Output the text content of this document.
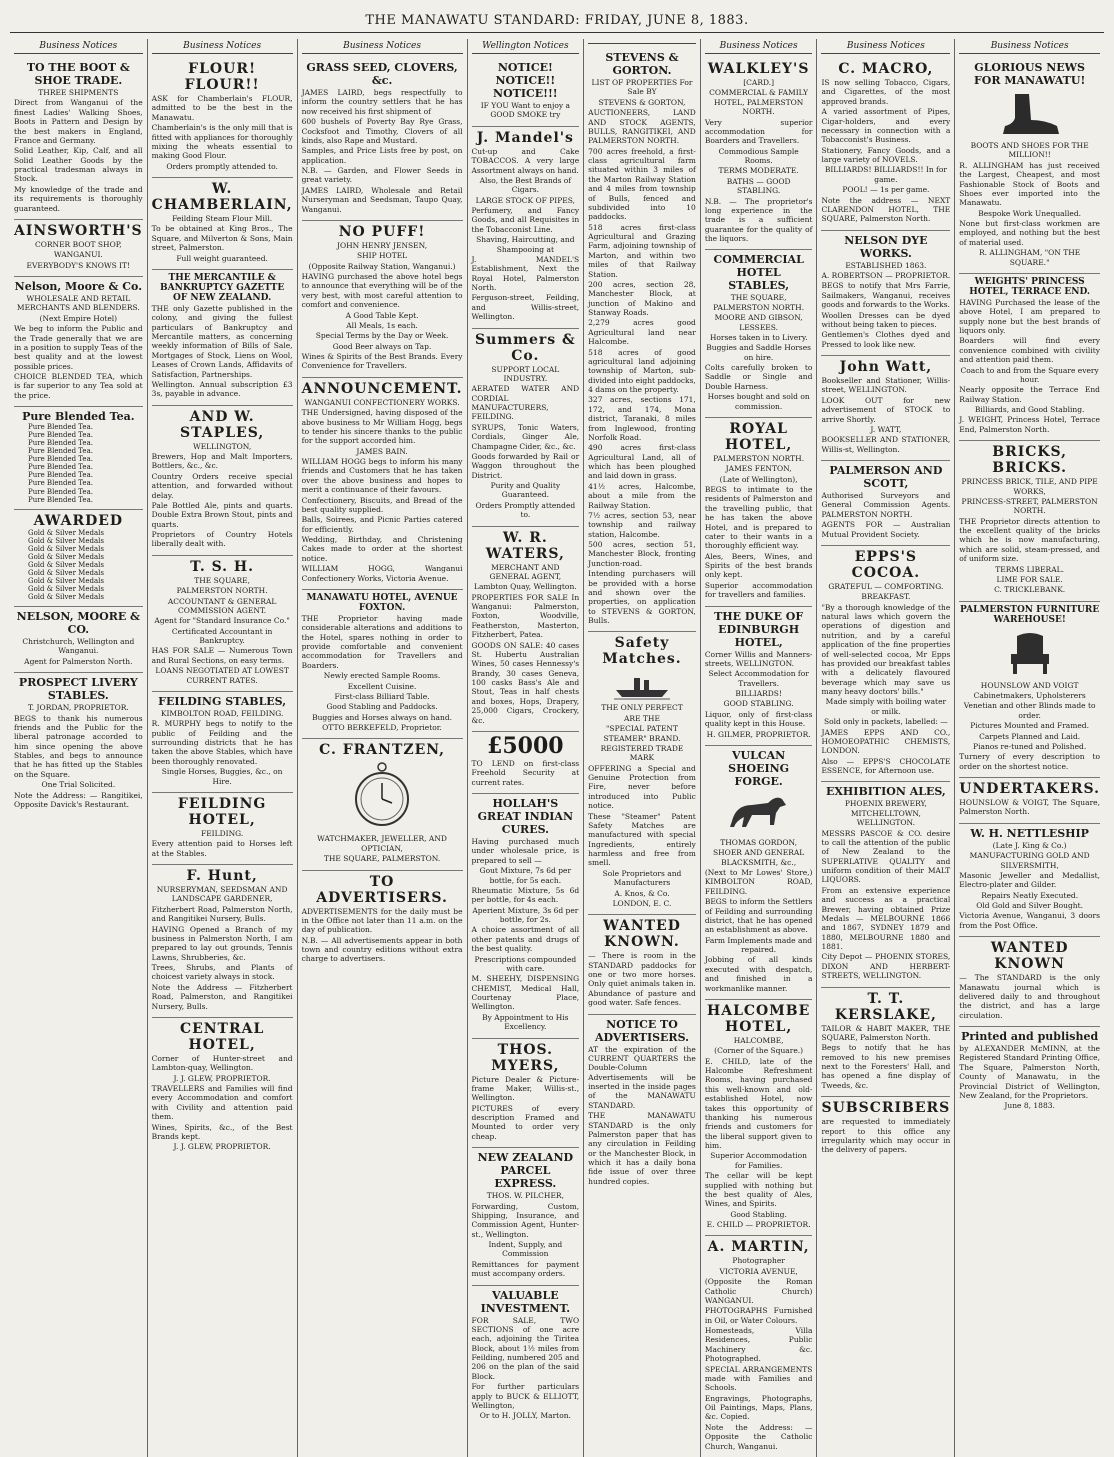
THE MANAWATU STANDARD: FRIDAY, JUNE 8, 1883.
Business Notices
TO THE BOOT & SHOE TRADE.

THREE SHIPMENTS

Direct from Wanganui of the finest Ladies' Walking Shoes, Boots in Pattern and Design by the best makers in England, France and Germany.

Solid Leather, Kip, Calf, and all Solid Leather Goods by the practical tradesman always in Stock.

My knowledge of the trade and its requirements is thoroughly guaranteed.

AINSWORTH'S

CORNER BOOT SHOP,

WANGANUI.

EVERYBODY'S KNOWS IT!

Nelson, Moore & Co.

WHOLESALE AND RETAIL MERCHANTS AND BLENDERS.

(Next Empire Hotel)

We beg to inform the Public and the Trade generally that we are in a position to supply Teas of the best quality and at the lowest possible prices.

CHOICE BLENDED TEA, which is far superior to any Tea sold at the price.

Pure Blended Tea.
Pure Blended Tea.
Pure Blended Tea.
Pure Blended Tea.
Pure Blended Tea.
Pure Blended Tea.
Pure Blended Tea.
Pure Blended Tea.
Pure Blended Tea.
Pure Blended Tea.
Pure Blended Tea.
AWARDED
Gold & Silver Medals
Gold & Silver Medals
Gold & Silver Medals
Gold & Silver Medals
Gold & Silver Medals
Gold & Silver Medals
Gold & Silver Medals
Gold & Silver Medals
Gold & Silver Medals
NELSON, MOORE & CO.

Christchurch, Wellington and Wanganui.

Agent for Palmerston North.

PROSPECT LIVERY STABLES.

T. JORDAN, PROPRIETOR.

BEGS to thank his numerous friends and the Public for the liberal patronage accorded to him since opening the above Stables, and begs to announce that he has fitted up the Stables on the Square.

One Trial Solicited.

Note the Address: — Rangitikei, Opposite Davick's Restaurant.

Business Notices
FLOUR! FLOUR!!

ASK for Chamberlain's FLOUR, admitted to be the best in the Manawatu.

Chamberlain's is the only mill that is fitted with appliances for thoroughly mixing the wheats essential to making Good Flour.

Orders promptly attended to.

W. CHAMBERLAIN,

Feilding Steam Flour Mill.

To be obtained at King Bros., The Square, and Milverton & Sons, Main street, Palmerston.

Full weight guaranteed.

THE MERCANTILE & BANKRUPTCY GAZETTE OF NEW ZEALAND.

THE only Gazette published in the colony, and giving the fullest particulars of Bankruptcy and Mercantile matters, as concerning weekly information of Bills of Sale, Mortgages of Stock, Liens on Wool, Leases of Crown Lands, Affidavits of Satisfaction, Partnerships.

Wellington. Annual subscription £3 3s, payable in advance.

AND W. STAPLES,

WELLINGTON,

Brewers, Hop and Malt Importers, Bottlers, &c., &c.

Country Orders receive special attention, and forwarded without delay.

Pale Bottled Ale, pints and quarts. Double Extra Brown Stout, pints and quarts.

Proprietors of Country Hotels liberally dealt with.

T. S. H.

THE SQUARE,

PALMERSTON NORTH.

ACCOUNTANT & GENERAL COMMISSION AGENT.

Agent for "Standard Insurance Co."

Certificated Accountant in Bankruptcy.

HAS FOR SALE — Numerous Town and Rural Sections, on easy terms.

LOANS NEGOTIATED AT LOWEST CURRENT RATES.

FEILDING STABLES,

KIMBOLTON ROAD, FEILDING.

R. MURPHY begs to notify to the public of Feilding and the surrounding districts that he has taken the above Stables, which have been thoroughly renovated.

Single Horses, Buggies, &c., on Hire.

FEILDING HOTEL,

FEILDING.

Every attention paid to Horses left at the Stables.

F. Hunt,

NURSERYMAN, SEEDSMAN AND LANDSCAPE GARDENER,

Fitzherbert Road, Palmerston North, and Rangitikei Nursery, Bulls.

HAVING Opened a Branch of my business in Palmerston North, I am prepared to lay out grounds, Tennis Lawns, Shrubberies, &c.

Trees, Shrubs, and Plants of choicest variety always in stock.

Note the Address — Fitzherbert Road, Palmerston, and Rangitikei Nursery, Bulls.

CENTRAL HOTEL,

Corner of Hunter-street and Lambton-quay, Wellington.

J. J. GLEW, PROPRIETOR.

TRAVELLERS and Families will find every Accommodation and comfort with Civility and attention paid them.

Wines, Spirits, &c., of the Best Brands kept.

J. J. GLEW, PROPRIETOR.

Business Notices
GRASS SEED, CLOVERS, &c.

JAMES LAIRD, begs respectfully to inform the country settlers that he has now received his first shipment of

600 bushels of Poverty Bay Rye Grass, Cocksfoot and Timothy, Clovers of all kinds, also Rape and Mustard.

Samples, and Price Lists free by post, on application.

N.B. — Garden, and Flower Seeds in great variety.

JAMES LAIRD, Wholesale and Retail Nurseryman and Seedsman, Taupo Quay, Wanganui.

NO PUFF!

JOHN HENRY JENSEN,

SHIP HOTEL

(Opposite Railway Station, Wanganui.)

HAVING purchased the above hotel begs to announce that everything will be of the very best, with most careful attention to comfort and convenience.

A Good Table Kept.

All Meals, 1s each.

Special Terms by the Day or Week.

Good Beer always on Tap.

Wines & Spirits of the Best Brands. Every Convenience for Travellers.

ANNOUNCEMENT.

WANGANUI CONFECTIONERY WORKS.

THE Undersigned, having disposed of the above business to Mr William Hogg, begs to tender his sincere thanks to the public for the support accorded him.

JAMES BAIN.

WILLIAM HOGG begs to inform his many friends and Customers that he has taken over the above business and hopes to merit a continuance of their favours.

Confectionery, Biscuits, and Bread of the best quality supplied.

Balls, Soirees, and Picnic Parties catered for efficiently.

Wedding, Birthday, and Christening Cakes made to order at the shortest notice.

WILLIAM HOGG, Wanganui Confectionery Works, Victoria Avenue.

MANAWATU HOTEL, AVENUE FOXTON.

THE Proprietor having made considerable alterations and additions to the Hotel, spares nothing in order to provide comfortable and convenient accommodation for Travellers and Boarders.

Newly erected Sample Rooms.

Excellent Cuisine.

First-class Billiard Table.

Good Stabling and Paddocks.

Buggies and Horses always on hand.

OTTO BERKEFELD, Proprietor.

C. FRANTZEN,

WATCHMAKER, JEWELLER, AND OPTICIAN,

THE SQUARE, PALMERSTON.

TO ADVERTISERS.

ADVERTISEMENTS for the daily must be in the Office not later than 11 a.m. on the day of publication.

N.B. — All advertisements appear in both town and country editions without extra charge to advertisers.

Wellington Notices
NOTICE! NOTICE!! NOTICE!!!

IF YOU Want to enjoy a GOOD SMOKE try

J. Mandel's

Cut-up and Cake TOBACCOS. A very large Assortment always on hand.

Also, the Best Brands of Cigars.

LARGE STOCK OF PIPES,

Perfumery, and Fancy Goods, and all Requisites in the Tobacconist Line.

Shaving, Haircutting, and Shampooing at

J. MANDEL'S Establishment, Next the Royal Hotel, Palmerston North.

Ferguson-street, Feilding, and Willis-street, Wellington.

Summers & Co.

SUPPORT LOCAL INDUSTRY.

AERATED WATER AND CORDIAL MANUFACTURERS, FEILDING.

SYRUPS, Tonic Waters, Cordials, Ginger Ale, Champagne Cider, &c., &c.

Goods forwarded by Rail or Waggon throughout the District.

Purity and Quality Guaranteed.

Orders Promptly attended to.

W. R. WATERS,

MERCHANT AND GENERAL AGENT,

Lambton Quay, Wellington.

PROPERTIES FOR SALE In Wanganui: Palmerston, Foxton, Woodville, Featherston, Masterton, Fitzherbert, Patea.

GOODS ON SALE: 40 cases St. Hubertu Australian Wines, 50 cases Hennessy's Brandy, 30 cases Geneva, 100 casks Bass's Ale and Stout, Teas in half chests and boxes, Hops, Drapery, 25,000 Cigars, Crockery, &c.

£5000

TO LEND on first-class Freehold Security at current rates.

HOLLAH'S GREAT INDIAN CURES.

Having purchased much under wholesale price, is prepared to sell —

Gout Mixture, 7s 6d per bottle, for 5s each.

Rheumatic Mixture, 5s 6d per bottle, for 4s each.

Aperient Mixture, 3s 6d per bottle, for 2s.

A choice assortment of all other patents and drugs of the best quality.

Prescriptions compounded with care.

M. SHEEHY, DISPENSING CHEMIST, Medical Hall, Courtenay Place, Wellington.

By Appointment to His Excellency.

THOS. MYERS,

Picture Dealer & Picture-frame Maker, Willis-st., Wellington.

PICTURES of every description Framed and Mounted to order very cheap.

NEW ZEALAND PARCEL EXPRESS.

THOS. W. PILCHER,

Forwarding, Custom, Shipping, Insurance, and Commission Agent, Hunter-st., Wellington.

Indent, Supply, and Commission

Remittances for payment must accompany orders.

VALUABLE INVESTMENT.

FOR SALE, TWO SECTIONS of one acre each, adjoining the Tiritea Block, about 1½ miles from Feilding, numbered 205 and 206 on the plan of the said Block.

For further particulars apply to BUCK & ELLIOTT, Wellington,

Or to H. JOLLY, Marton.

STEVENS & GORTON.

LIST OF PROPERTIES For Sale BY

STEVENS & GORTON,

AUCTIONEERS, LAND AND STOCK AGENTS, BULLS, RANGITIKEI, AND PALMERSTON NORTH.

700 acres freehold, a first-class agricultural farm situated within 3 miles of the Marton Railway Station and 4 miles from township of Bulls, fenced and subdivided into 10 paddocks.

518 acres first-class Agricultural and Grazing Farm, adjoining township of Marton, and within two miles of that Railway Station.

200 acres, section 28, Manchester Block, at junction of Makino and Stanway Roads.

2,279 acres good Agricultural land near Halcombe.

518 acres of good agricultural land adjoining township of Marton, sub-divided into eight paddocks, 4 dams on the property.

327 acres, sections 171, 172, and 174, Mona district, Taranaki, 8 miles from Inglewood, fronting Norfolk Road.

490 acres first-class Agricultural Land, all of which has been ploughed and laid down in grass.

41½ acres, Halcombe, about a mile from the Railway Station.

7½ acres, section 53, near township and railway station, Halcombe.

500 acres, section 51, Manchester Block, fronting Junction-road.

Intending purchasers will be provided with a horse and shown over the properties, on application to STEVENS & GORTON, Bulls.

Safety Matches.

THE ONLY PERFECT

ARE THE

"SPECIAL PATENT STEAMER" BRAND.

REGISTERED TRADE MARK

OFFERING a Special and Genuine Protection from Fire, never before introduced into Public notice.

These "Steamer" Patent Safety Matches are manufactured with special Ingredients, entirely harmless and free from smell.

Sole Proprietors and Manufacturers

A. Knos, & Co.

LONDON, E. C.

WANTED KNOWN.

— There is room in the STANDARD paddocks for one or two more horses. Only quiet animals taken in. Abundance of pasture and good water. Safe fences.

NOTICE TO ADVERTISERS.

AT the expiration of the CURRENT QUARTERS the Double-Column Advertisements will be inserted in the inside pages of the MANAWATU STANDARD.

THE MANAWATU STANDARD is the only Palmerston paper that has any circulation in Feilding or the Manchester Block, in which it has a daily bona fide issue of over three hundred copies.

Business Notices
WALKLEY'S

[CARD.]

COMMERCIAL & FAMILY HOTEL, PALMERSTON NORTH.

Very superior accommodation for Boarders and Travellers.

Commodious Sample Rooms.

TERMS MODERATE.

BATHS — GOOD STABLING.

N.B. — The proprietor's long experience in the trade is a sufficient guarantee for the quality of the liquors.

COMMERCIAL HOTEL STABLES,

THE SQUARE, PALMERSTON NORTH.

MOORE AND GIBSON, LESSEES.

Horses taken in to Livery.

Buggies and Saddle Horses on hire.

Colts carefully broken to Saddle or Single and Double Harness.

Horses bought and sold on commission.

ROYAL HOTEL,

PALMERSTON NORTH.

JAMES FENTON,

(Late of Wellington),

BEGS to intimate to the residents of Palmerston and the travelling public, that he has taken the above Hotel, and is prepared to cater to their wants in a thoroughly efficient way.

Ales, Beers, Wines, and Spirits of the best brands only kept.

Superior accommodation for travellers and families.

THE DUKE OF EDINBURGH HOTEL,

Corner Willis and Manners-streets, WELLINGTON.

Select Accommodation for Travellers.

BILLIARDS!

GOOD STABLING.

Liquor, only of first-class quality kept in this House.

H. GILMER, PROPRIETOR.

VULCAN SHOEING FORGE.

THOMAS GORDON,

SHOER AND GENERAL BLACKSMITH, &c.,

(Next to Mr Lowes' Store,) KIMBOLTON ROAD, FEILDING.

BEGS to inform the Settlers of Feilding and surrounding district, that he has opened an establishment as above.

Farm Implements made and repaired.

Jobbing of all kinds executed with despatch, and finished in a workmanlike manner.

HALCOMBE HOTEL,

HALCOMBE,

(Corner of the Square.)

E. CHILD, late of the Halcombe Refreshment Rooms, having purchased this well-known and old-established Hotel, now takes this opportunity of thanking his numerous friends and customers for the liberal support given to him.

Superior Accommodation for Families.

The cellar will be kept supplied with nothing but the best quality of Ales, Wines, and Spirits.

Good Stabling.

E. CHILD — PROPRIETOR.

A. MARTIN,

Photographer

VICTORIA AVENUE,

(Opposite the Roman Catholic Church) WANGANUI.

PHOTOGRAPHS Furnished in Oil, or Water Colours.

Homesteads, Villa Residences, Public Machinery &c. Photographed.

SPECIAL ARRANGEMENTS made with Families and Schools.

Engravings, Photographs, Oil Paintings, Maps, Plans, &c. Copied.

Note the Address: — Opposite the Catholic Church, Wanganui.

Business Notices
C. MACRO,

IS now selling Tobacco, Cigars, and Cigarettes, of the most approved brands.

A varied assortment of Pipes, Cigar-holders, and every necessary in connection with a Tobacconist's Business.

Stationery, Fancy Goods, and a large variety of NOVELS.

BILLIARDS! BILLIARDS!! In for game.

POOL! — 1s per game.

Note the address — NEXT CLARENDON HOTEL, THE SQUARE, Palmerston North.

NELSON DYE WORKS.

ESTABLISHED 1863.

A. ROBERTSON — PROPRIETOR.

BEGS to notify that Mrs Farrie, Sailmakers, Wanganui, receives goods and forwards to the Works.

Woollen Dresses can be dyed without being taken to pieces.

Gentlemen's Clothes dyed and Pressed to look like new.

John Watt,

Bookseller and Stationer, Willis-street, WELLINGTON.

LOOK OUT for new advertisement of STOCK to arrive Shortly.

J. WATT,

BOOKSELLER AND STATIONER, Willis-st, Wellington.

PALMERSON AND SCOTT,

Authorised Surveyors and General Commission Agents. PALMERSTON NORTH.

AGENTS FOR — Australian Mutual Provident Society.

EPPS'S COCOA.

GRATEFUL — COMFORTING.

BREAKFAST.

"By a thorough knowledge of the natural laws which govern the operations of digestion and nutrition, and by a careful application of the fine properties of well-selected cocoa, Mr Epps has provided our breakfast tables with a delicately flavoured beverage which may save us many heavy doctors' bills."

Made simply with boiling water or milk.

Sold only in packets, labelled: —

JAMES EPPS AND CO., HOMOEOPATHIC CHEMISTS, LONDON.

Also — EPPS'S CHOCOLATE ESSENCE, for Afternoon use.

EXHIBITION ALES,

PHOENIX BREWERY, MITCHELLTOWN, WELLINGTON.

MESSRS PASCOE & CO. desire to call the attention of the public of New Zealand to the SUPERLATIVE QUALITY and uniform condition of their MALT LIQUORS.

From an extensive experience and success as a practical Brewer, having obtained Prize Medals — MELBOURNE 1866 and 1867, SYDNEY 1879 and 1880, MELBOURNE 1880 and 1881.

City Depot — PHOENIX STORES, DIXON AND HERBERT-STREETS, WELLINGTON.

T. T. KERSLAKE,

TAILOR & HABIT MAKER, THE SQUARE, Palmerston North.

Begs to notify that he has removed to his new premises next to the Foresters' Hall, and has opened a fine display of Tweeds, &c.

SUBSCRIBERS

are requested to immediately report to this office any irregularity which may occur in the delivery of papers.

Business Notices
GLORIOUS NEWS FOR MANAWATU!

BOOTS AND SHOES FOR THE MILLION!!

R. ALLINGHAM has just received the Largest, Cheapest, and most Fashionable Stock of Boots and Shoes ever imported into the Manawatu.

Bespoke Work Unequalled.

None but first-class workmen are employed, and nothing but the best of material used.

R. ALLINGHAM, "ON THE SQUARE."

WEIGHTS' PRINCESS HOTEL, TERRACE END.

HAVING Purchased the lease of the above Hotel, I am prepared to supply none but the best brands of liquors only.

Boarders will find every convenience combined with civility and attention paid them.

Coach to and from the Square every hour.

Nearly opposite the Terrace End Railway Station.

Billiards, and Good Stabling.

J. WEIGHT, Princess Hotel, Terrace End, Palmerston North.

BRICKS, BRICKS.

PRINCESS BRICK, TILE, AND PIPE WORKS,

PRINCESS-STREET, PALMERSTON NORTH.

THE Proprietor directs attention to the excellent quality of the bricks which he is now manufacturing, which are solid, steam-pressed, and of uniform size.

TERMS LIBERAL.

LIME FOR SALE.

C. TRICKLEBANK.

PALMERSTON FURNITURE WAREHOUSE!

HOUNSLOW AND VOIGT

Cabinetmakers, Upholsterers

Venetian and other Blinds made to order.

Pictures Mounted and Framed.

Carpets Planned and Laid.

Pianos re-tuned and Polished.

Turnery of every description to order on the shortest notice.

UNDERTAKERS.

HOUNSLOW & VOIGT, The Square, Palmerston North.

W. H. NETTLESHIP

(Late J. King & Co.)

MANUFACTURING GOLD AND SILVERSMITH,

Masonic Jeweller and Medallist, Electro-plater and Gilder.

Repairs Neatly Executed.

Old Gold and Silver Bought.

Victoria Avenue, Wanganui, 3 doors from the Post Office.

WANTED KNOWN

— The STANDARD is the only Manawatu journal which is delivered daily to and throughout the district, and has a large circulation.

Printed and published

by ALEXANDER McMINN, at the Registered Standard Printing Office, The Square, Palmerston North, County of Manawatu, in the Provincial District of Wellington, New Zealand, for the Proprietors.

June 8, 1883.
